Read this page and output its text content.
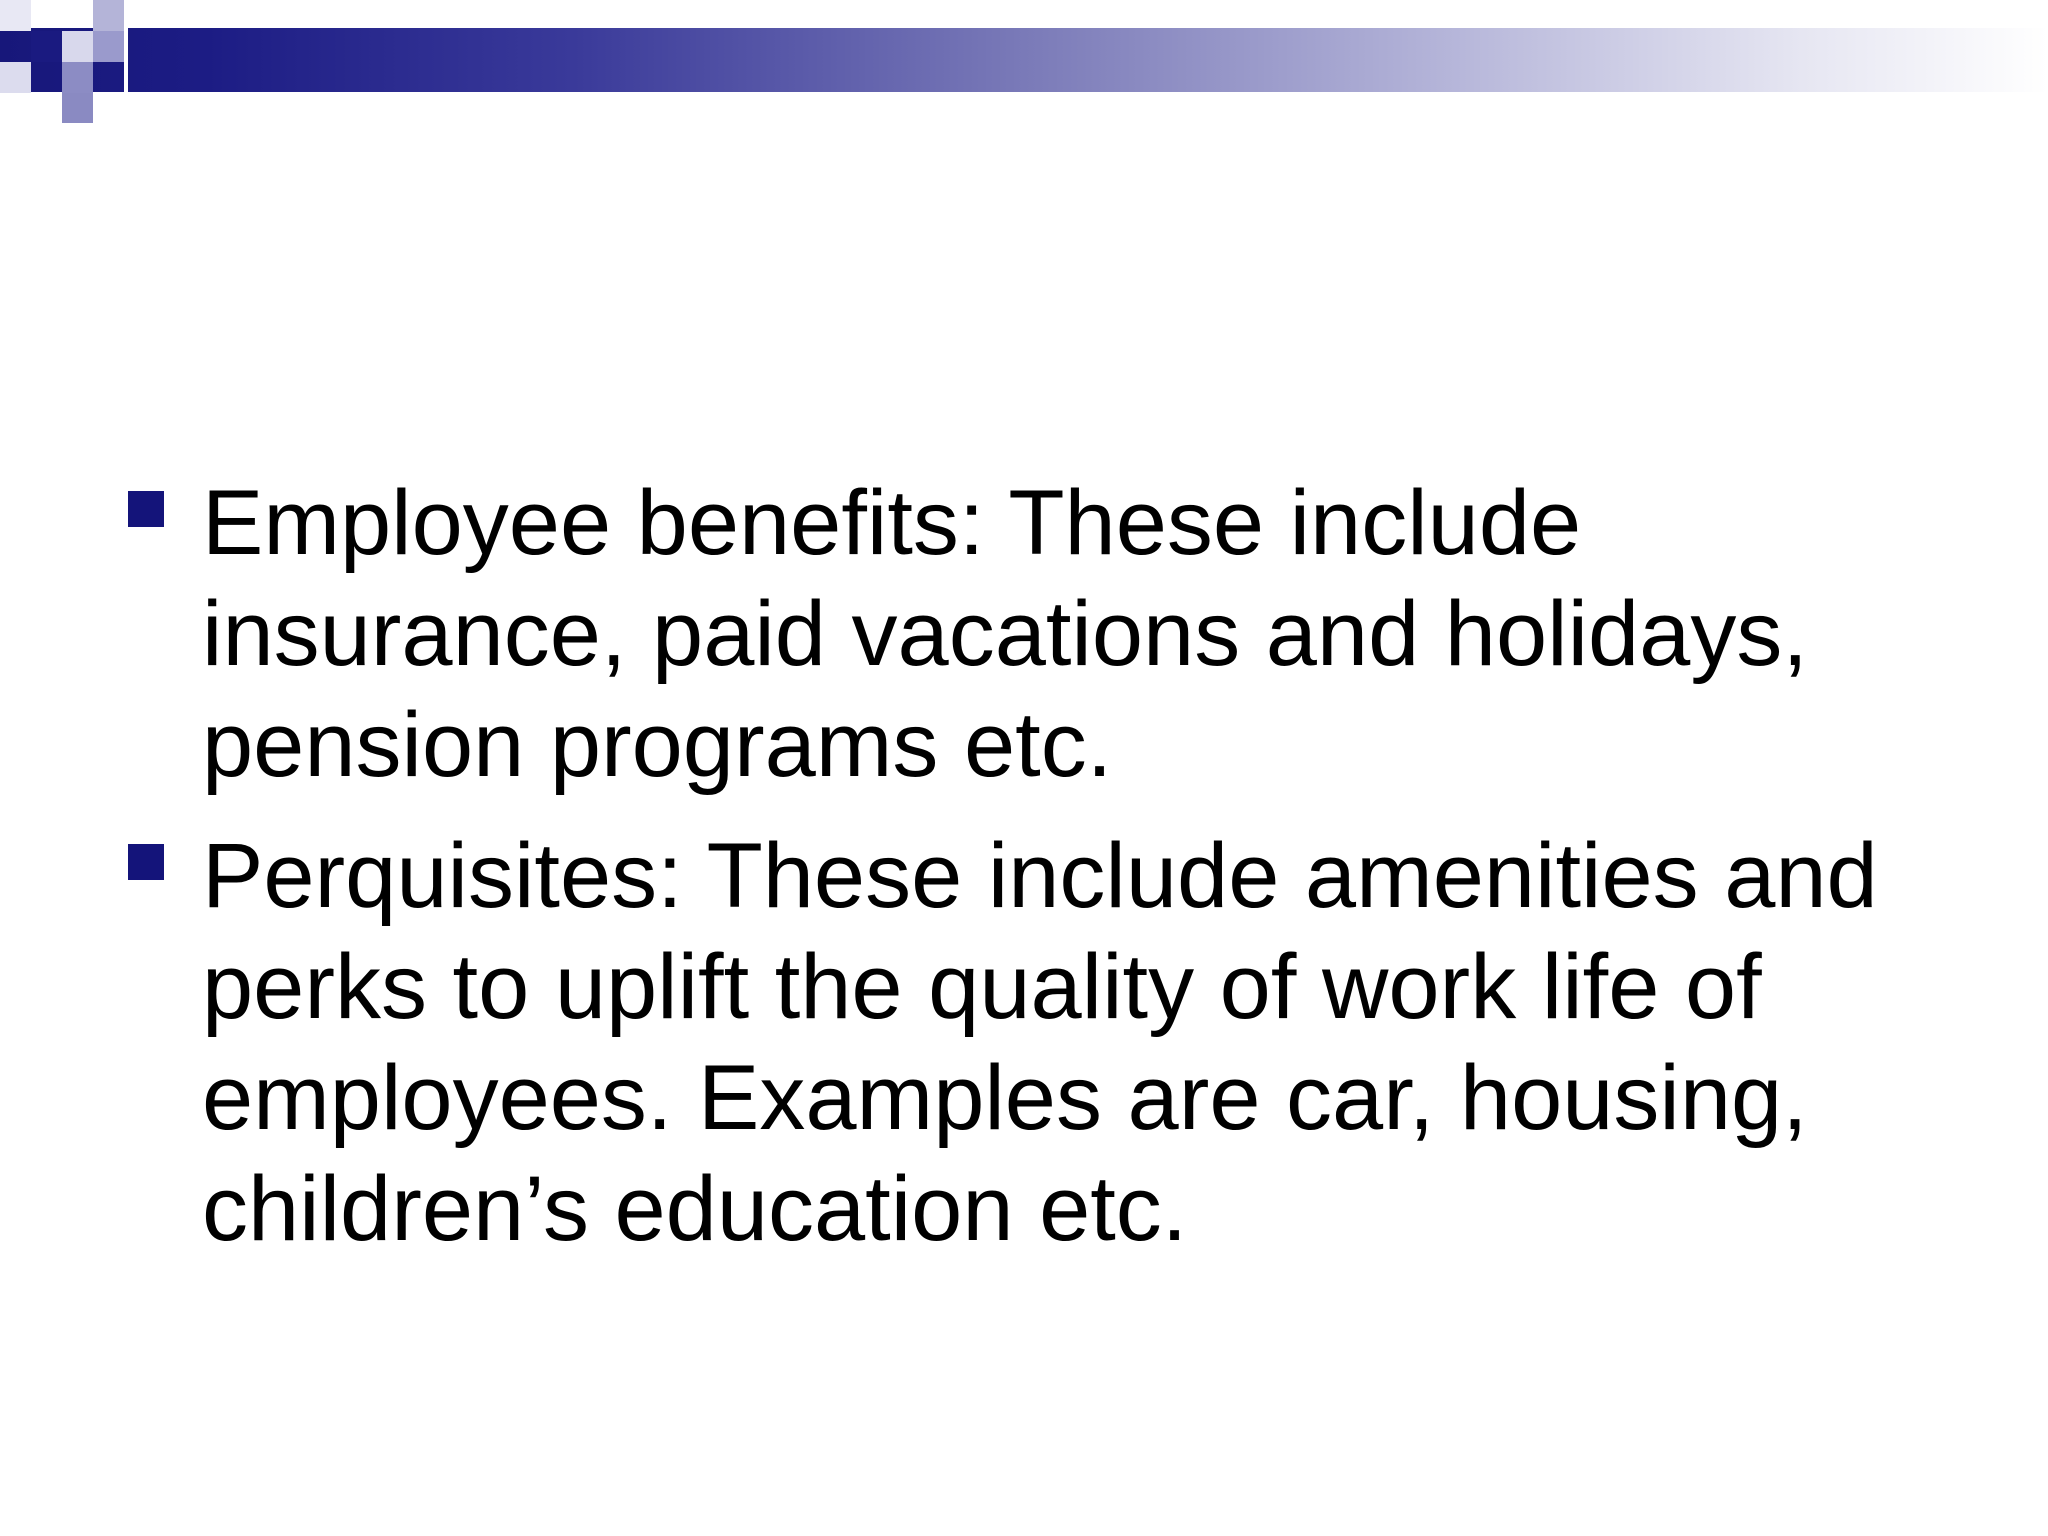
Employee benefits: These include
insurance, paid vacations and holidays,
pension programs etc.
Perquisites: These include amenities and
perks to uplift the quality of work life of
employees. Examples are car, housing,
children’s education etc.
